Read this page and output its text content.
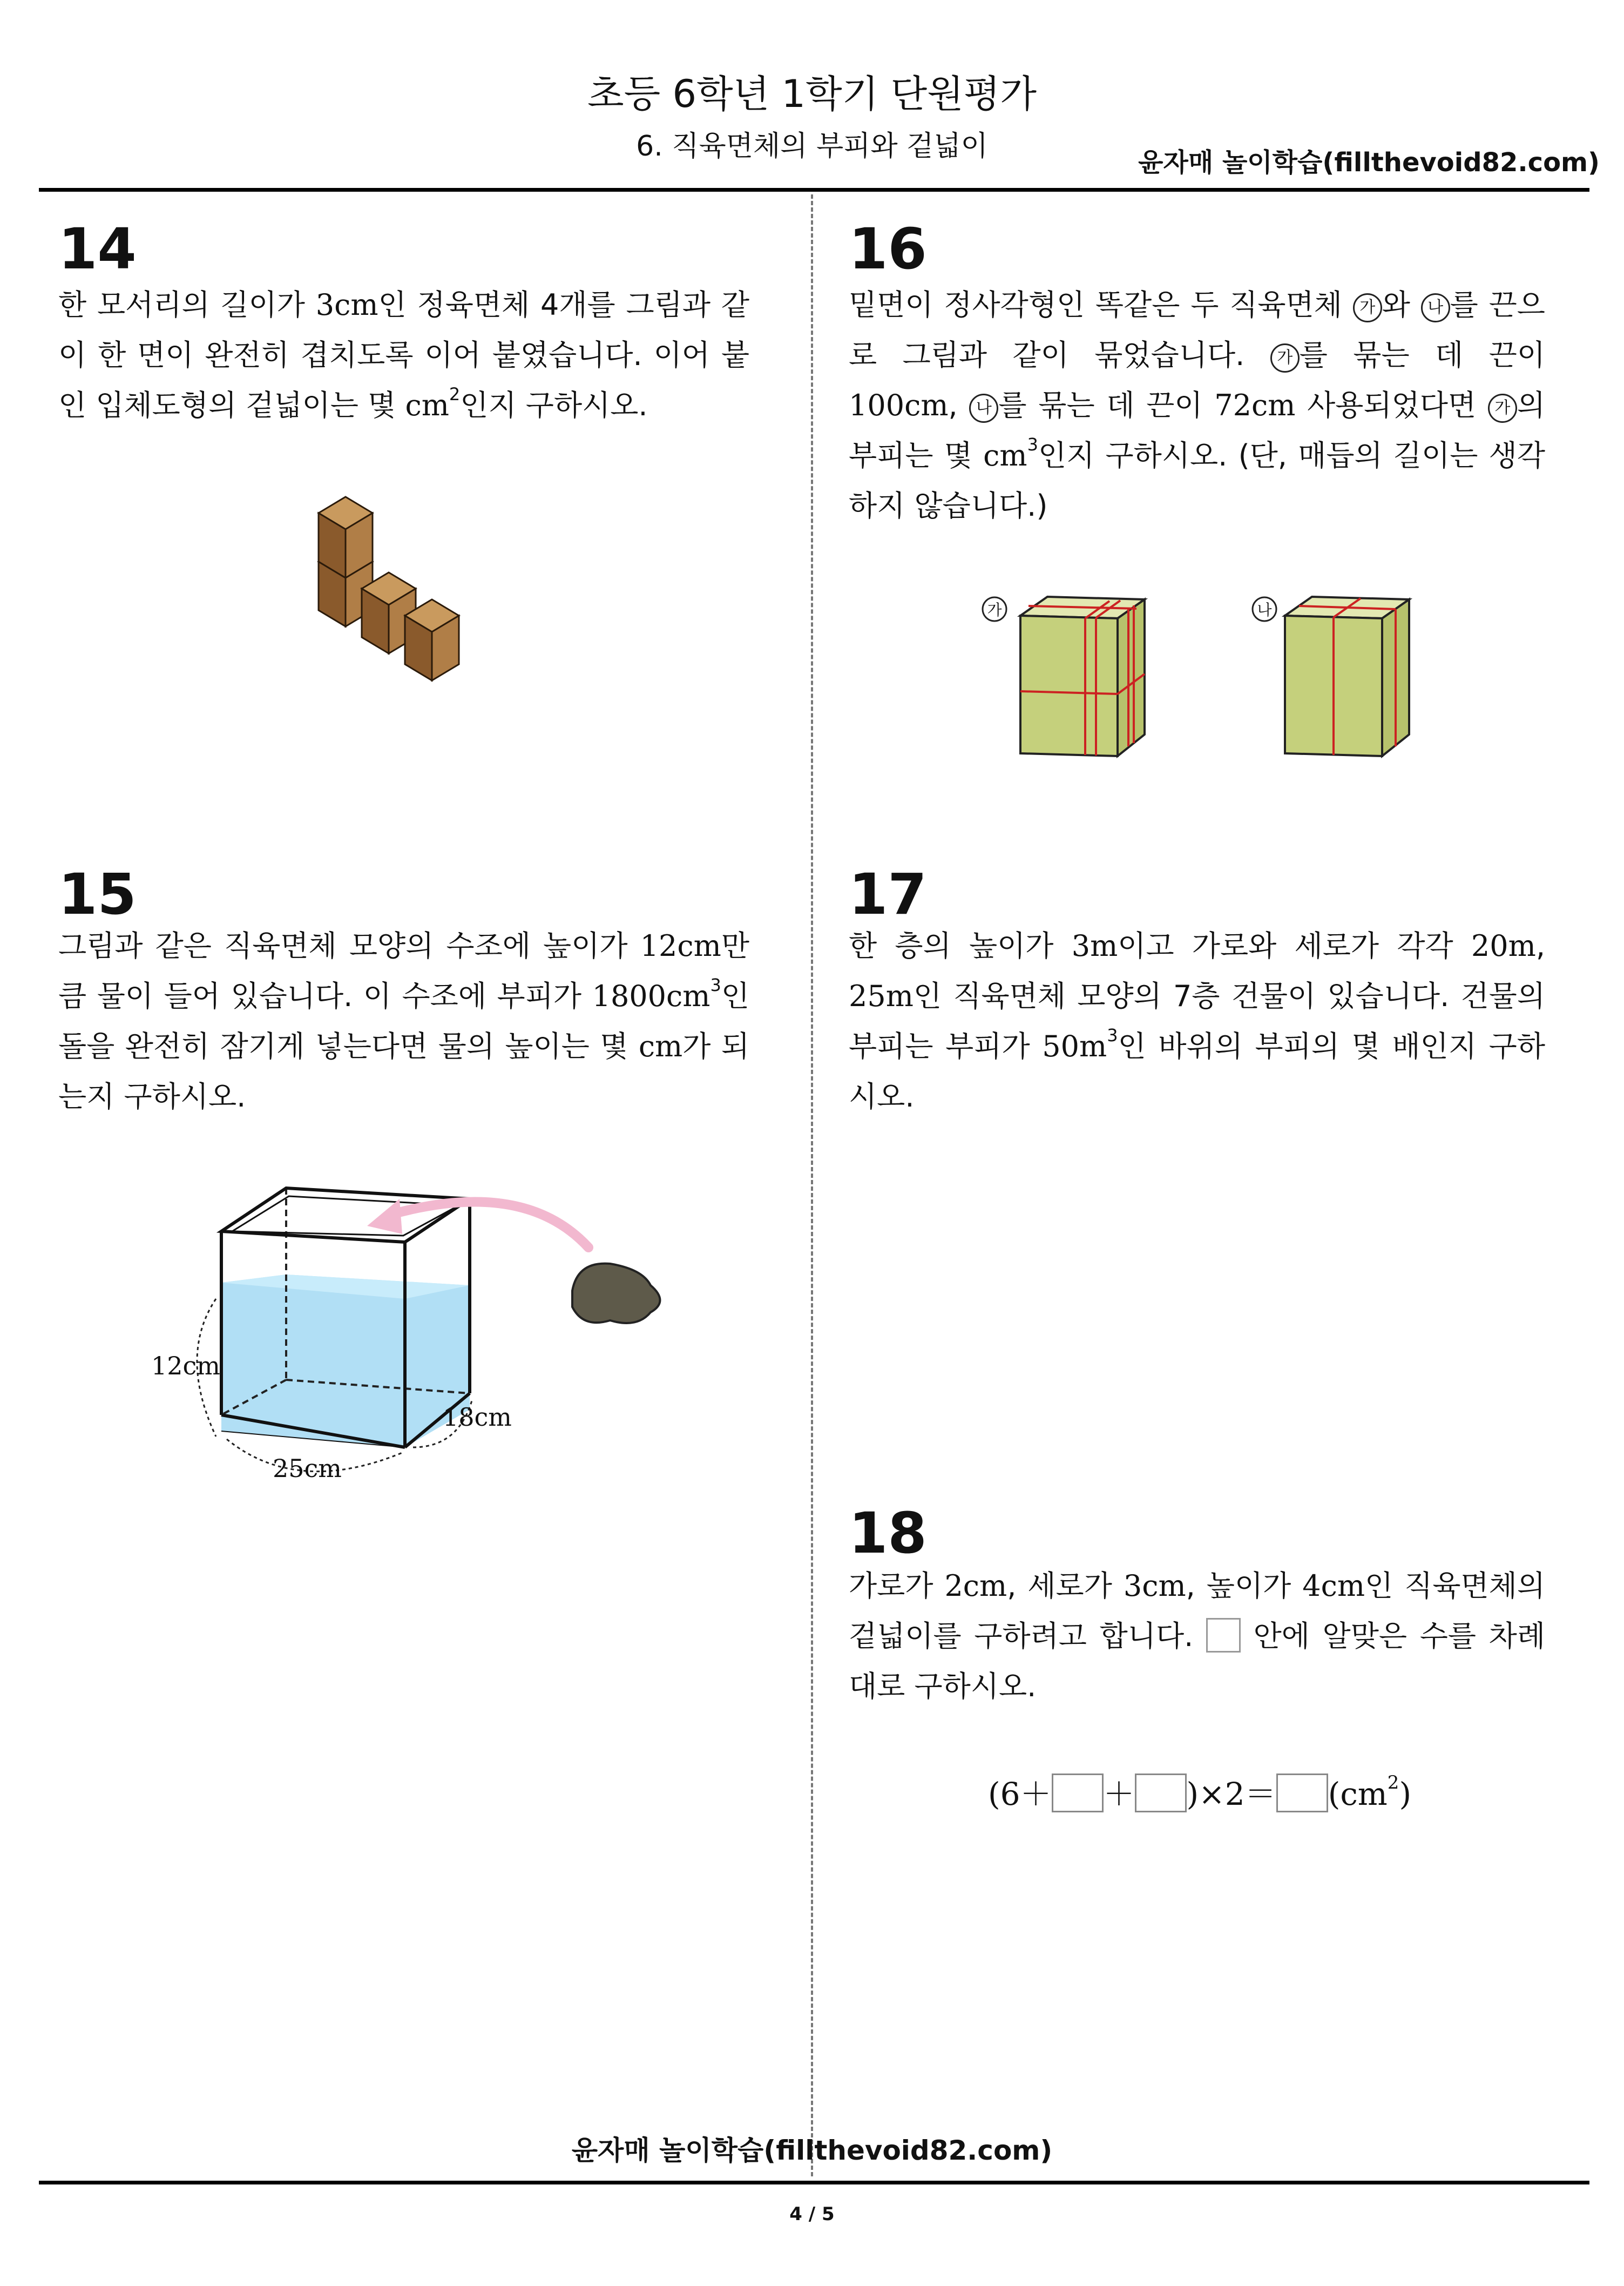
초등 6학년 1학기 단원평가
6. 직육면체의 부피와 겉넓이	윤자매 놀이학습(fillthevoid82.com)
14
한 모서리의 길이가 3cm인 정육면체 4개를 그림과 같이 한 면이 완전히 겹치도록 이어 붙였습니다. 이어 붙인 입체도형의 겉넓이는 몇 $cm^2$인지 구하시오.
15
그림과 같은 직육면체 모양의 수조에 높이가 12cm만큼 물이 들어 있습니다. 이 수조에 부피가 $1800cm^3$인 돌을 완전히 잠기게 넣는다면 물의 높이는 몇 cm가 되는지 구하시오.
12cm
18cm
25cm
16
밑면이 정사각형인 똑같은 두 직육면체 가 와 나 를 끈으로 그림과 같이 묶었습니다. 가 를 묶는 데 끈이 100cm, 나 를 묶는 데 끈이 72cm 사용되었다면 가 의 부피는 몇 $cm^3$인지 구하시오. (단, 매듭의 길이는 생각하지 않습니다.)
가	나
17
한 층의 높이가 3m이고 가로와 세로가 각각 20m, 25m인 직육면체 모양의 7층 건물이 있습니다. 건물의 부피는 부피가 $50m^3$인 바위의 부피의 몇 배인지 구하시오.
18
가로가 2cm, 세로가 3cm, 높이가 4cm인 직육면체의 겉넓이를 구하려고 합니다.  안에 알맞은 수를 차례대로 구하시오.
$(6+ + )\times 2= (cm^2)$
윤자매 놀이학습(fillthevoid82.com)
4 / 5
